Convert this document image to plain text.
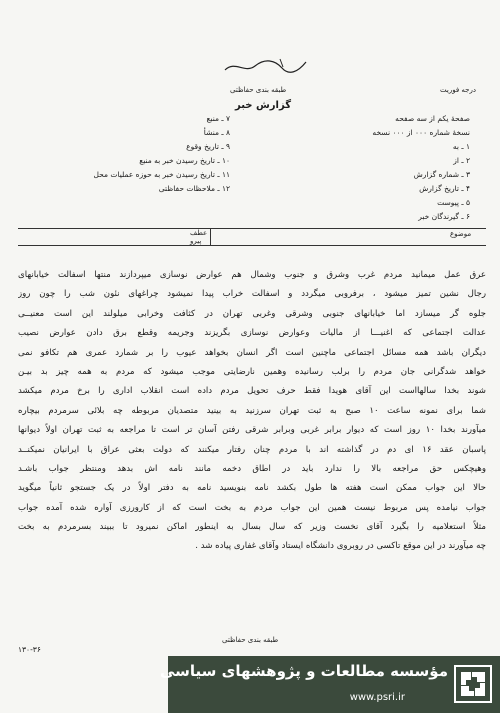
طبقه بندی حفاظتی
گزارش خبر
درجه فوریت
صفحۀ یکم از سه صفحه
نسخۀ شماره ۰۰۰ از ۰۰۰ نسخه
۱ ـ به
۲ ـ از
۳ ـ شماره گزارش
۴ ـ تاریخ گزارش
۵ ـ پیوست
۶ ـ گیرندگان خبر
۷ ـ منبع
۸ ـ منشأ
۹ ـ تاریخ وقوع
۱۰ ـ تاریخ رسیدن خبر به منبع
۱۱ ـ تاریخ رسیدن خبر به حوزه عملیات محل
۱۲ ـ ملاحظات حفاظتی
موضوع
عطف
پیرو
عرق عمل میمانید مردم غرب وشرق و جنوب وشمال هم عوارض نوسازی میپردازند منتها اسفالت خیابانهای
رجال نشین تمیز میشود ، برفروبی میگردد و اسفالت خراب پیدا نمیشود چراغهای نئون شب را چون روز
جلوه گر میسازد اما خیابانهای جنوبی وشرقی وغربی تهران در کثافت وخرابی میلولند این است معنیــی
عدالت اجتماعی که اغنیـــا از مالیات وعوارض نوسازی بگریزند وجریمه وقطع برق دادن عوارض نصیب
دیگران باشد همه مسائل اجتماعی ماچنین است اگر انسان بخواهد عیوب را بر شمارد عمری هم تکافو نمی
خواهد شدگرانی جان مردم را برلب رسانیده وهمین نارضایتی موجب میشود که مردم به همه چیز بد بیـن
شوند بخدا سالهااست این آقای هویدا فقط حرف تحویل مردم داده است انقلاب اداری را برخ مردم میکشد
شما برای نمونه ساعت ۱۰ صبح به ثبت تهران سرزنید به بینید متصدیان مربوطه چه بلائی سرمردم بیچاره
میآورند بخدا ۱۰ روز است که دیوار برابر غربی وبرابر شرقی رفتن آسان تر است تا مراجعه به ثبت تهران اولاً دیوانها
پاسبان عقد ۱۶ ای دم در گذاشته اند با مردم چنان رفتار میکنند که دولت بعثی عراق با ایرانیان نمیکنــد
وهیچکس حق مراجعه بالا را ندارد باید در اطاق دخمه مانند نامه اش بدهد ومنتظر جواب باشـد
حالا این جواب ممکن است هفته ها طول بکشد نامه بنویسید نامه به دفتر اولاً در یک جستجو ثانیاً میگوید
جواب نیامده پس مربوط نیست همین این جواب مردم به بخت است که از کارورزی آواره شده آمده جواب
مثلاً استعلامیه را بگیرد آقای نخست وزیر که سال بسال به اینطور اماکن نمیرود تا ببیند بسرمردم به بخت
چه میآورند در این موقع تاکسی در روبروی دانشگاه ایستاد وآقای غفاری پیاده شد .
طبقه بندی حفاظتی
۱۳۰-۳۶
مؤسسه مطالعات و پژوهشهای سیاسی
www.psri.ir
